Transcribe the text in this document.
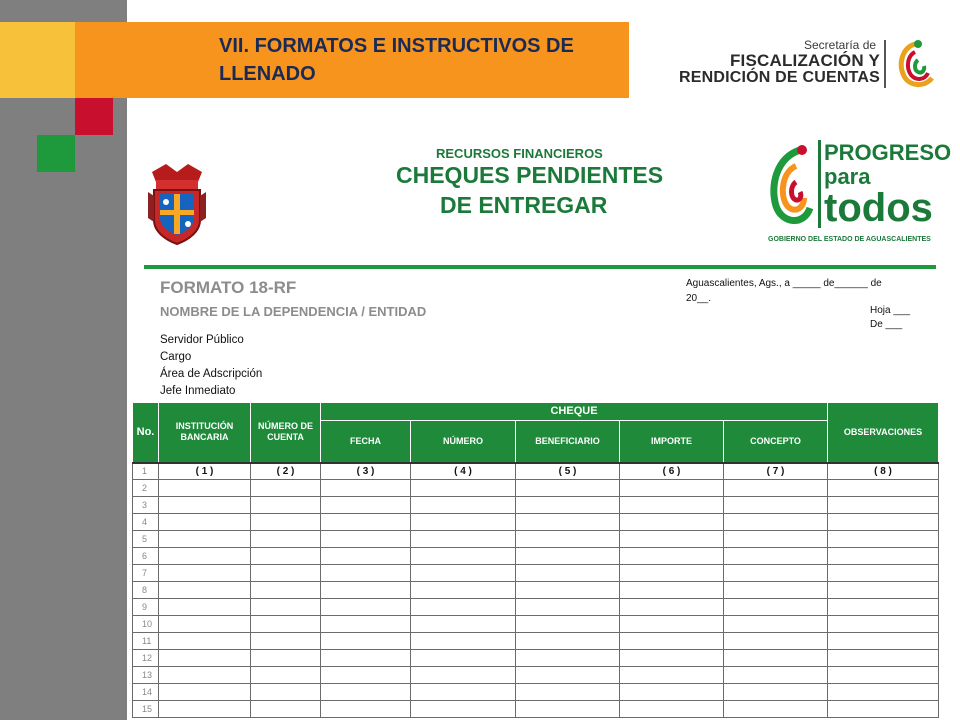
VII. FORMATOS E INSTRUCTIVOS DE LLENADO
Secretaría de
FISCALIZACIÓN Y
RENDICIÓN DE CUENTAS
RECURSOS FINANCIEROS
CHEQUES PENDIENTES
DE ENTREGAR
PROGRESO
para
todos
GOBIERNO DEL ESTADO DE AGUASCALIENTES
FORMATO 18-RF
NOMBRE DE LA DEPENDENCIA / ENTIDAD
Servidor Público
Cargo
Área de Adscripción
Jefe Inmediato
Aguascalientes, Ags., a _____ de______ de
20__.
Hoja ___
De ___
No.	INSTITUCIÓN BANCARIA	NÚMERO DE CUENTA	CHEQUE					OBSERVACIONES
			FECHA	NÚMERO	BENEFICIARIO	IMPORTE	CONCEPTO	
1	( 1 )	( 2 )	( 3 )	( 4 )	( 5 )	( 6 )	( 7 )	( 8 )
2								
3								
4								
5								
6								
7								
8								
9								
10								
11								
12								
13								
14								
15								
